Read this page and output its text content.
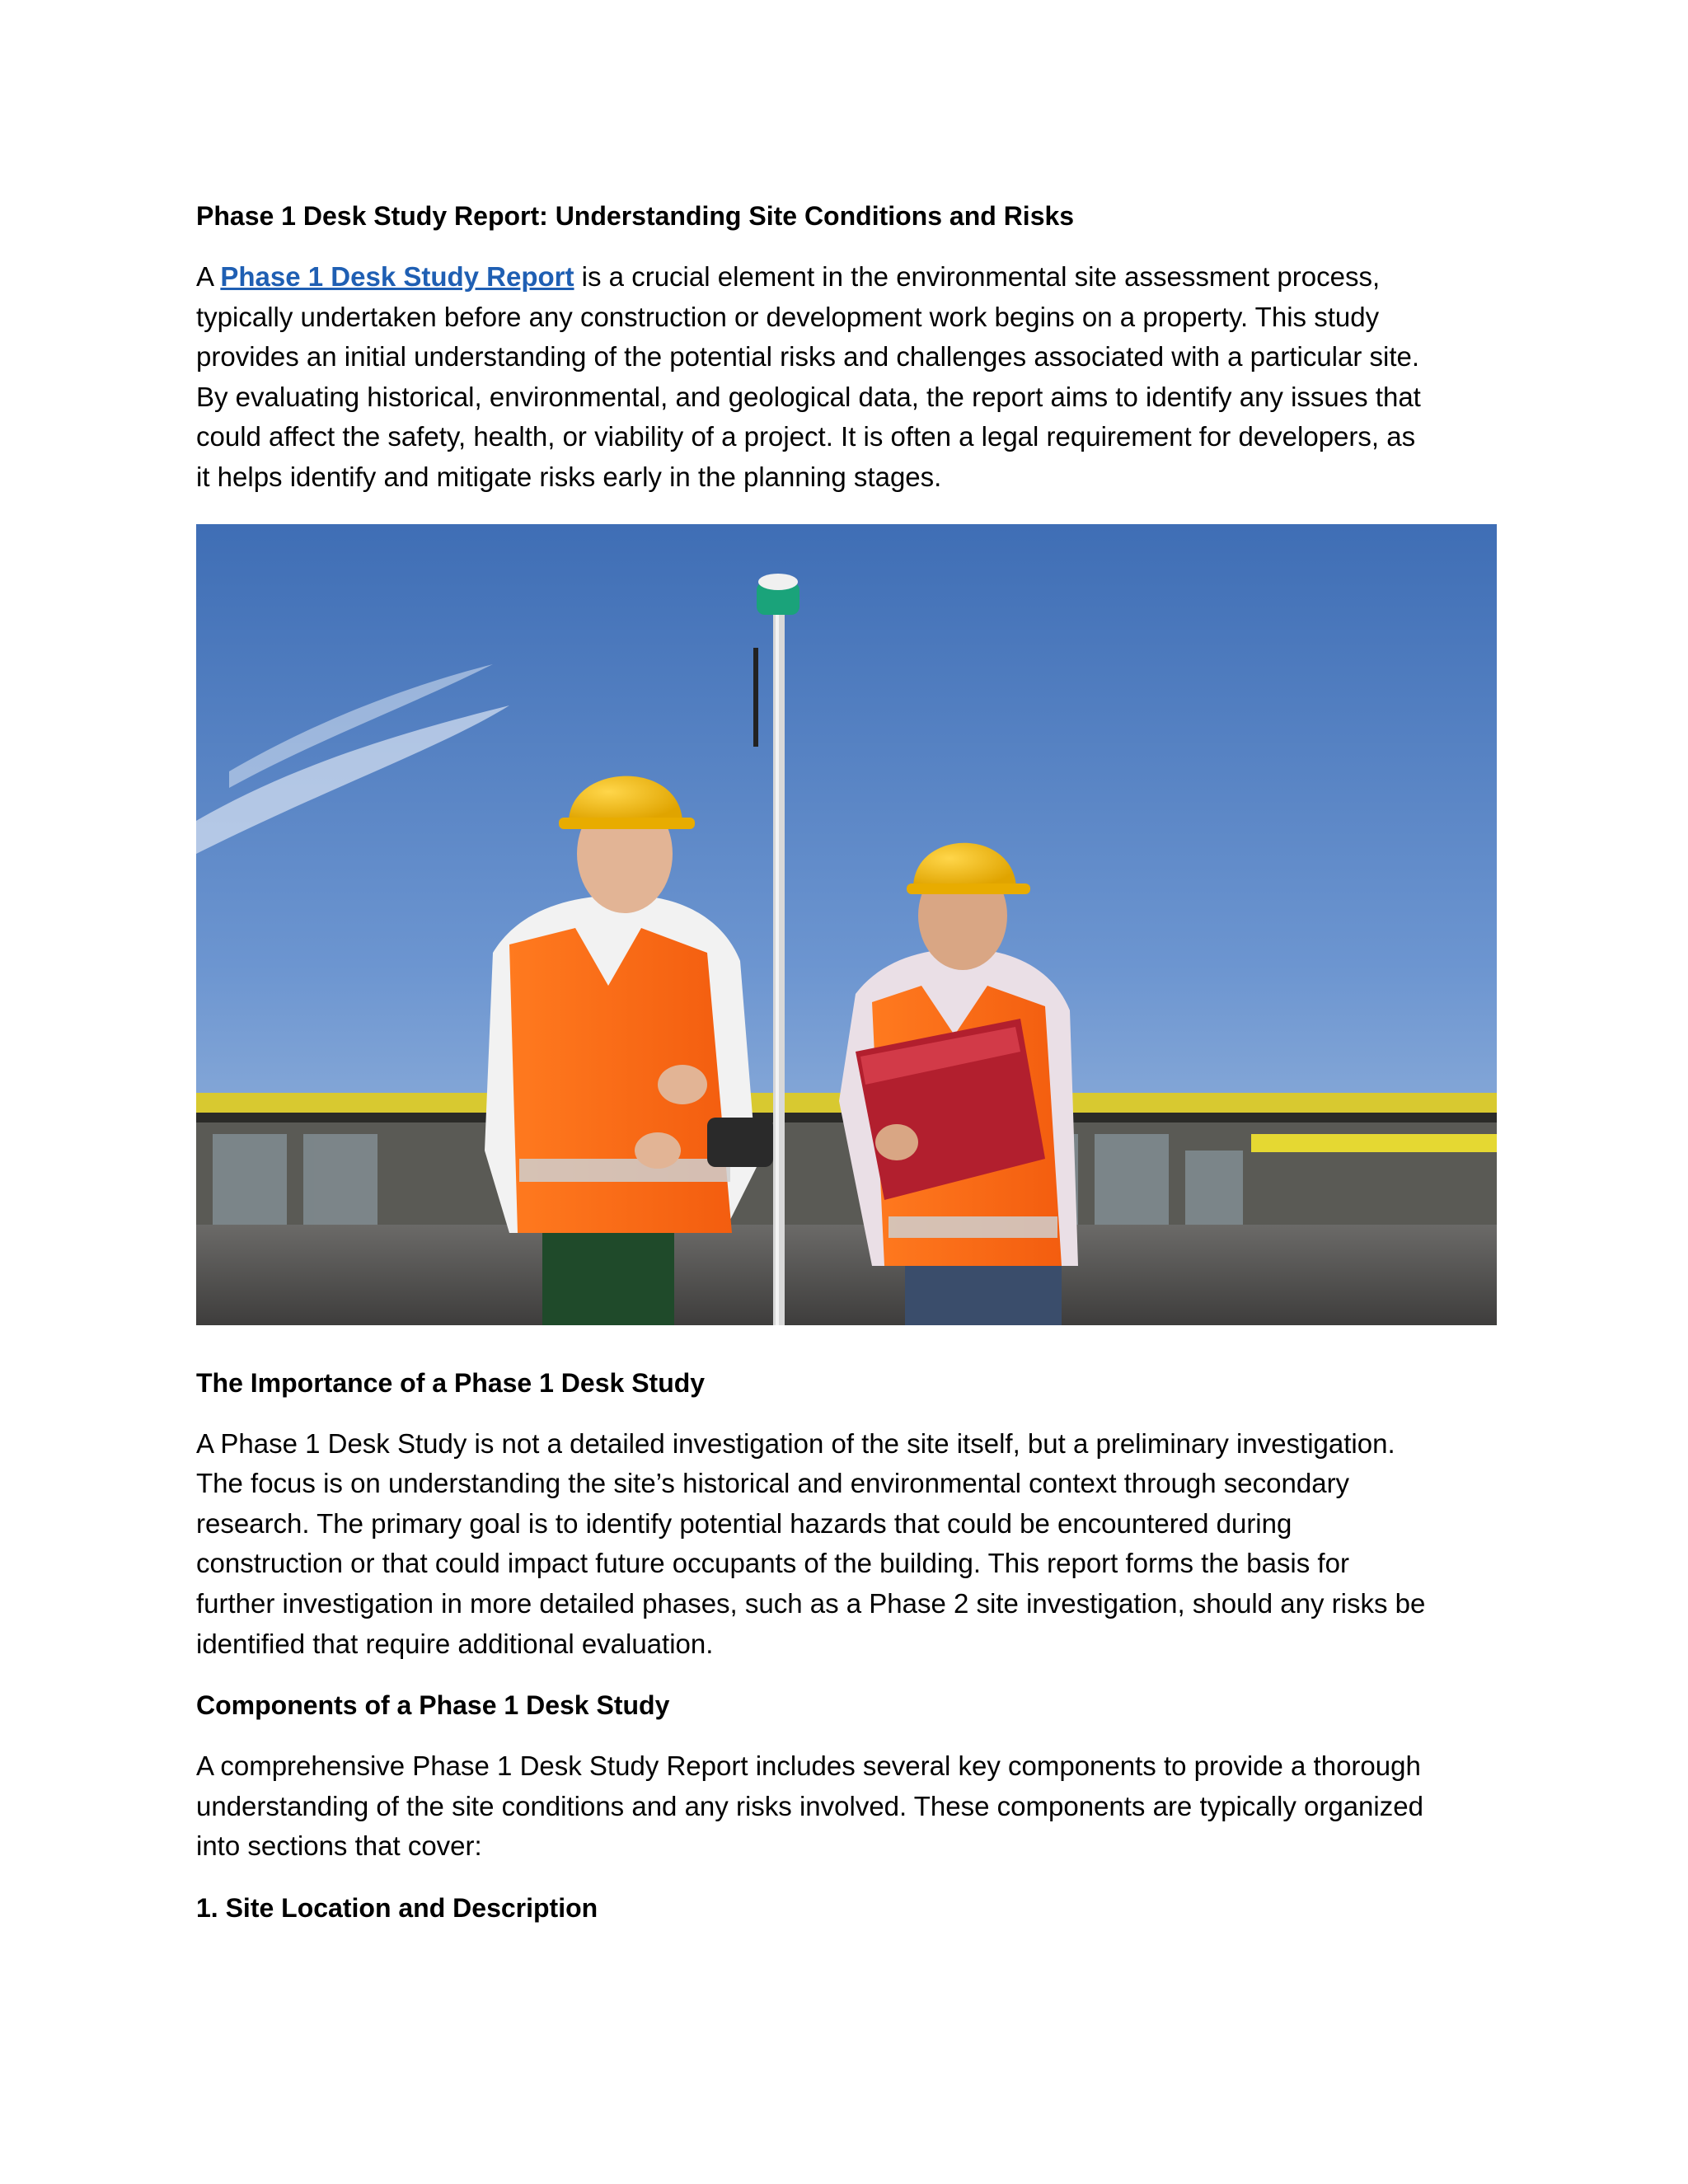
Phase 1 Desk Study Report: Understanding Site Conditions and Risks

A Phase 1 Desk Study Report is a crucial element in the environmental site assessment process,
typically undertaken before any construction or development work begins on a property. This study
provides an initial understanding of the potential risks and challenges associated with a particular site.
By evaluating historical, environmental, and geological data, the report aims to identify any issues that
could affect the safety, health, or viability of a project. It is often a legal requirement for developers, as
it helps identify and mitigate risks early in the planning stages.

The Importance of a Phase 1 Desk Study

A Phase 1 Desk Study is not a detailed investigation of the site itself, but a preliminary investigation.
The focus is on understanding the site’s historical and environmental context through secondary
research. The primary goal is to identify potential hazards that could be encountered during
construction or that could impact future occupants of the building. This report forms the basis for
further investigation in more detailed phases, such as a Phase 2 site investigation, should any risks be
identified that require additional evaluation.

Components of a Phase 1 Desk Study

A comprehensive Phase 1 Desk Study Report includes several key components to provide a thorough
understanding of the site conditions and any risks involved. These components are typically organized
into sections that cover:

1. Site Location and Description
